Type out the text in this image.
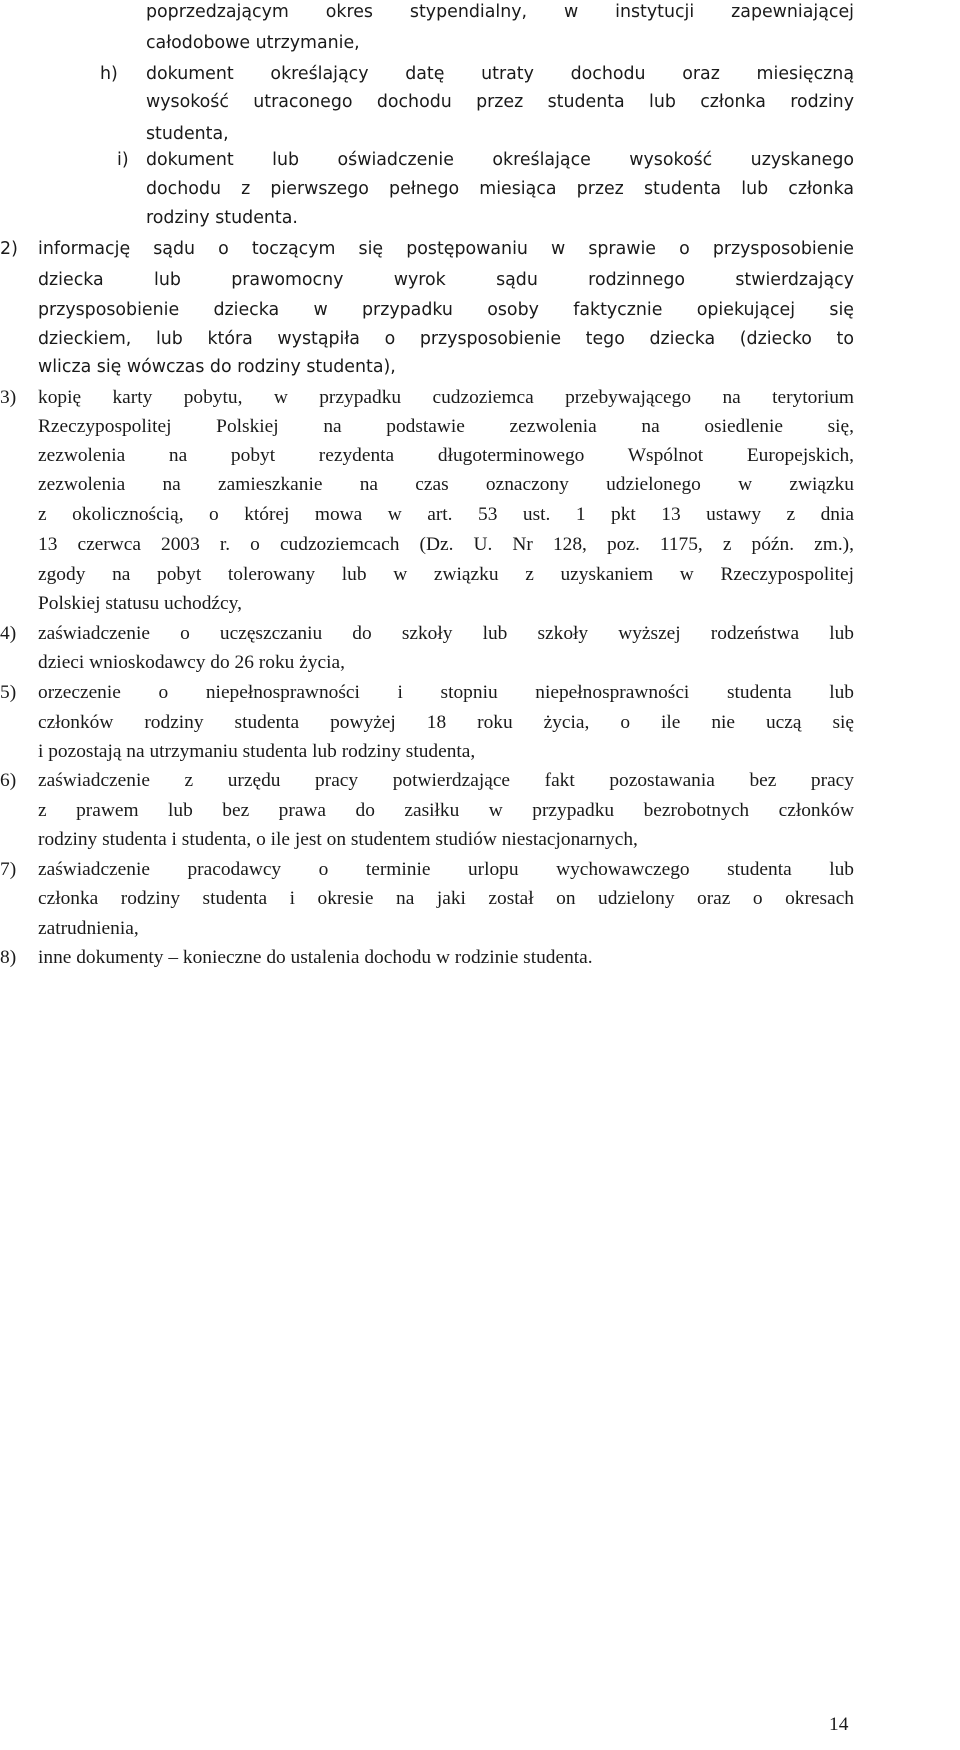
poprzedzającym okres stypendialny, w instytucji zapewniającej
całodobowe utrzymanie,
h) dokument określający datę utraty dochodu oraz miesięczną
wysokość utraconego dochodu przez studenta lub członka rodziny
studenta,
i) dokument lub oświadczenie określające wysokość uzyskanego
dochodu z pierwszego pełnego miesiąca przez studenta lub członka
rodziny studenta.
2) informację sądu o toczącym się postępowaniu w sprawie o przysposobienie
dziecka lub prawomocny wyrok sądu rodzinnego stwierdzający
przysposobienie dziecka w przypadku osoby faktycznie opiekującej się
dzieckiem, lub która wystąpiła o przysposobienie tego dziecka (dziecko to
wlicza się wówczas do rodziny studenta),
3) kopię karty pobytu, w przypadku cudzoziemca przebywającego na terytorium
Rzeczypospolitej Polskiej na podstawie zezwolenia na osiedlenie się,
zezwolenia na pobyt rezydenta długoterminowego Wspólnot Europejskich,
zezwolenia na zamieszkanie na czas oznaczony udzielonego w związku
z okolicznością, o której mowa w art. 53 ust. 1 pkt 13 ustawy z dnia
13 czerwca 2003 r. o cudzoziemcach (Dz. U. Nr 128, poz. 1175, z późn. zm.),
zgody na pobyt tolerowany lub w związku z uzyskaniem w Rzeczypospolitej
Polskiej statusu uchodźcy,
4) zaświadczenie o uczęszczaniu do szkoły lub szkoły wyższej rodzeństwa lub
dzieci wnioskodawcy do 26 roku życia,
5) orzeczenie o niepełnosprawności i stopniu niepełnosprawności studenta lub
członków rodziny studenta powyżej 18 roku życia, o ile nie uczą się
i pozostają na utrzymaniu studenta lub rodziny studenta,
6) zaświadczenie z urzędu pracy potwierdzające fakt pozostawania bez pracy
z prawem lub bez prawa do zasiłku w przypadku bezrobotnych członków
rodziny studenta i studenta, o ile jest on studentem studiów niestacjonarnych,
7) zaświadczenie pracodawcy o terminie urlopu wychowawczego studenta lub
członka rodziny studenta i okresie na jaki został on udzielony oraz o okresach
zatrudnienia,
8) inne dokumenty – konieczne do ustalenia dochodu w rodzinie studenta.
14
